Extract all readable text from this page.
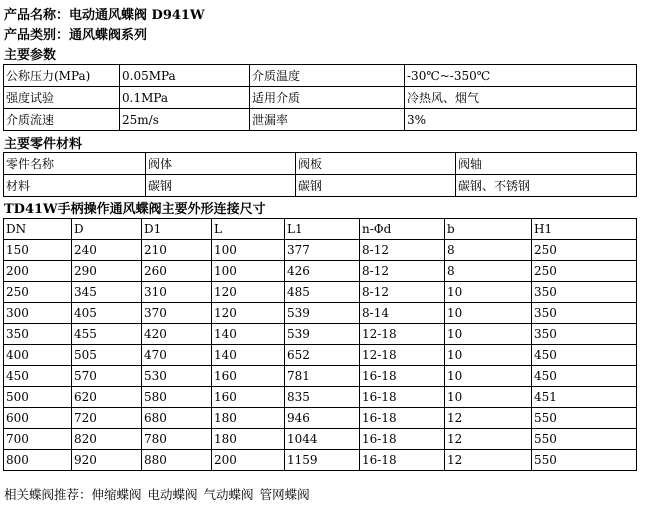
产品名称：电动通风蝶阀 D941W
产品类别：通风蝶阀系列
主要参数
公称压力(MPa)	0.05MPa	介质温度	-30℃~-350℃
强度试验	0.1MPa	适用介质	冷热风、烟气
介质流速	25m/s	泄漏率	3%
主要零件材料
零件名称	阀体	阀板	阀轴
材料	碳钢	碳钢	碳钢、不锈钢
TD41W手柄操作通风蝶阀主要外形连接尺寸
DN	D	D1	L	L1	n-Φd	b	H1
150	240	210	100	377	8-12	8	250
200	290	260	100	426	8-12	8	250
250	345	310	120	485	8-12	10	350
300	405	370	120	539	8-14	10	350
350	455	420	140	539	12-18	10	350
400	505	470	140	652	12-18	10	450
450	570	530	160	781	16-18	10	450
500	620	580	160	835	16-18	10	451
600	720	680	180	946	16-18	12	550
700	820	780	180	1044	16-18	12	550
800	920	880	200	1159	16-18	12	550
相关蝶阀推荐：伸缩蝶阀 电动蝶阀 气动蝶阀 管网蝶阀
